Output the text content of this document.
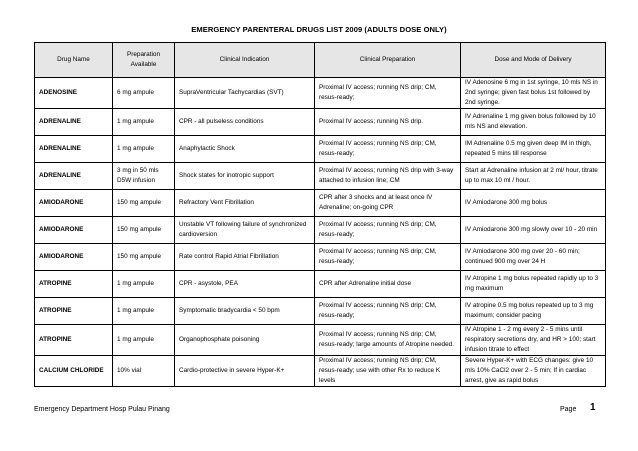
EMERGENCY PARENTERAL DRUGS LIST 2009 (ADULTS DOSE ONLY)
Drug Name	Preparation Available	Clinical Indication	Clinical Preparation	Dose and Mode of Delivery
ADENOSINE	6 mg ampule	SupraVentricular Tachycardias (SVT)	Proximal IV access; running NS drip; CM, resus-ready;	IV Adenosine 6 mg in 1st syringe, 10 mls NS in 2nd syringe; given fast bolus 1st followed by 2nd syringe.
ADRENALINE	1 mg ampule	CPR - all pulseless conditions	Proximal IV access; running NS drip.	IV Adrenaline 1 mg given bolus followed by 10 mls NS and elevation.
ADRENALINE	1 mg ampule	Anaphylactic Shock	Proximal IV access; running NS drip; CM, resus-ready;	IM Adrenaline 0.5 mg given deep IM in thigh, repeated 5 mins till response
ADRENALINE	3 mg in 50 mls D5W infusion	Shock states for inotropic support	Proximal IV access; running NS drip with 3-way attached to infusion line; CM	Start at Adrenaline infusion at 2 ml/ hour, titrate up to max 10 ml / hour.
AMIODARONE	150 mg ampule	Refractory Vent Fibrillation	CPR after 3 shocks and at least once IV Adrenaline; on-going CPR	IV Amiodarone 300 mg bolus
AMIODARONE	150 mg ampule	Unstable VT following failure of synchronized cardioversion	Proximal IV access; running NS drip; CM, resus-ready;	IV Amiodarone 300 mg slowly over 10 - 20 min
AMIODARONE	150 mg ampule	Rate control Rapid Atrial Fibrillation	Proximal IV access; running NS drip; CM, resus-ready;	IV Amiodarone 300 mg over 20 - 60 min; continued 900 mg over 24 H
ATROPINE	1 mg ampule	CPR - asystole, PEA	CPR after Adrenaline initial dose	IV Atropine 1 mg bolus repeated rapidly up to 3 mg maximum
ATROPINE	1 mg ampule	Symptomatic bradycardia < 50 bpm	Proximal IV access; running NS drip; CM, resus-ready;	IV atropine 0.5 mg bolus repeated up to 3 mg maximum; consider pacing
ATROPINE	1 mg ampule	Organophosphate poisoning	Proximal IV access; running NS drip; CM, resus-ready; large amounts of Atropine needed.	IV Atropine 1 - 2 mg every 2 - 5 mins until respiratory secretions dry, and HR > 100; start infusion titrate to effect
CALCIUM CHLORIDE	10% vial	Cardio-protective in severe Hyper-K+	Proximal IV access; running NS drip; CM, resus-ready; use with other Rx to reduce K levels	Severe Hyper-K+ with ECG changes: give 10 mls 10% CaCl2 over 2 - 5 min; If in cardiac arrest, give as rapid bolus
Emergency Department Hosp Pulau Pinang	Page 1
